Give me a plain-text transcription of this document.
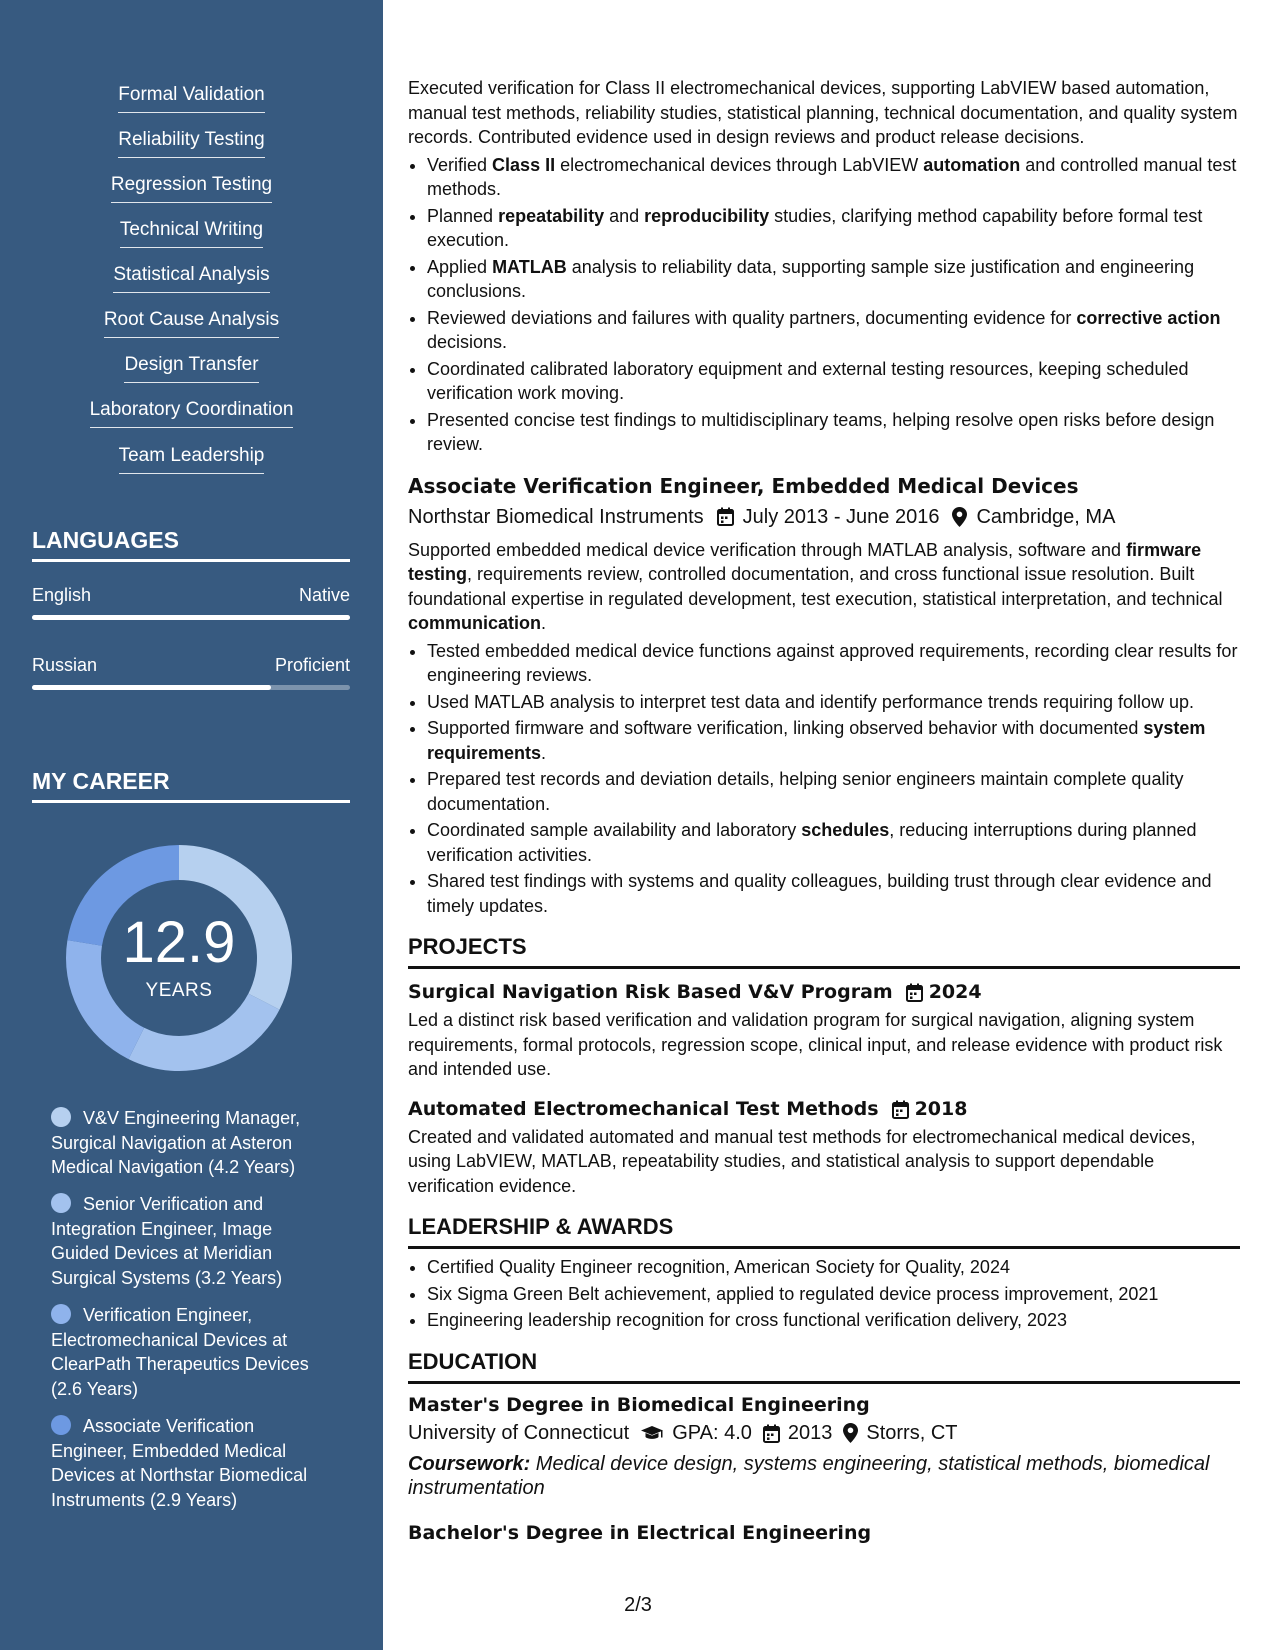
Formal Validation
Reliability Testing
Regression Testing
Technical Writing
Statistical Analysis
Root Cause Analysis
Design Transfer
Laboratory Coordination
Team Leadership
LANGUAGES
English	Native
Russian	Proficient
MY CAREER
12.9
YEARS
V&V Engineering Manager, Surgical Navigation at Asteron Medical Navigation (4.2 Years)
Senior Verification and Integration Engineer, Image Guided Devices at Meridian Surgical Systems (3.2 Years)
Verification Engineer, Electromechanical Devices at ClearPath Therapeutics Devices (2.6 Years)
Associate Verification Engineer, Embedded Medical Devices at Northstar Biomedical Instruments (2.9 Years)

Executed verification for Class II electromechanical devices, supporting LabVIEW based automation, manual test methods, reliability studies, statistical planning, technical documentation, and quality system records. Contributed evidence used in design reviews and product release decisions.

• Verified Class II electromechanical devices through LabVIEW automation and controlled manual test methods.
• Planned repeatability and reproducibility studies, clarifying method capability before formal test execution.
• Applied MATLAB analysis to reliability data, supporting sample size justification and engineering conclusions.
• Reviewed deviations and failures with quality partners, documenting evidence for corrective action decisions.
• Coordinated calibrated laboratory equipment and external testing resources, keeping scheduled verification work moving.
• Presented concise test findings to multidisciplinary teams, helping resolve open risks before design review.
Associate Verification Engineer, Embedded Medical Devices
Northstar Biomedical Instruments July 2013 - June 2016 Cambridge, MA

Supported embedded medical device verification through MATLAB analysis, software and firmware testing, requirements review, controlled documentation, and cross functional issue resolution. Built foundational expertise in regulated development, test execution, statistical interpretation, and technical communication.

• Tested embedded medical device functions against approved requirements, recording clear results for engineering reviews.
• Used MATLAB analysis to interpret test data and identify performance trends requiring follow up.
• Supported firmware and software verification, linking observed behavior with documented system requirements.
• Prepared test records and deviation details, helping senior engineers maintain complete quality documentation.
• Coordinated sample availability and laboratory schedules, reducing interruptions during planned verification activities.
• Shared test findings with systems and quality colleagues, building trust through clear evidence and timely updates.
PROJECTS
Surgical Navigation Risk Based V&V Program 2024

Led a distinct risk based verification and validation program for surgical navigation, aligning system requirements, formal protocols, regression scope, clinical input, and release evidence with product risk and intended use.

Automated Electromechanical Test Methods 2018

Created and validated automated and manual test methods for electromechanical medical devices, using LabVIEW, MATLAB, repeatability studies, and statistical analysis to support dependable verification evidence.

LEADERSHIP & AWARDS
• Certified Quality Engineer recognition, American Society for Quality, 2024
• Six Sigma Green Belt achievement, applied to regulated device process improvement, 2021
• Engineering leadership recognition for cross functional verification delivery, 2023
EDUCATION
Master's Degree in Biomedical Engineering
University of Connecticut GPA: 4.0 2013 Storrs, CT
Coursework: Medical device design, systems engineering, statistical methods, biomedical instrumentation
Bachelor's Degree in Electrical Engineering
2/3
